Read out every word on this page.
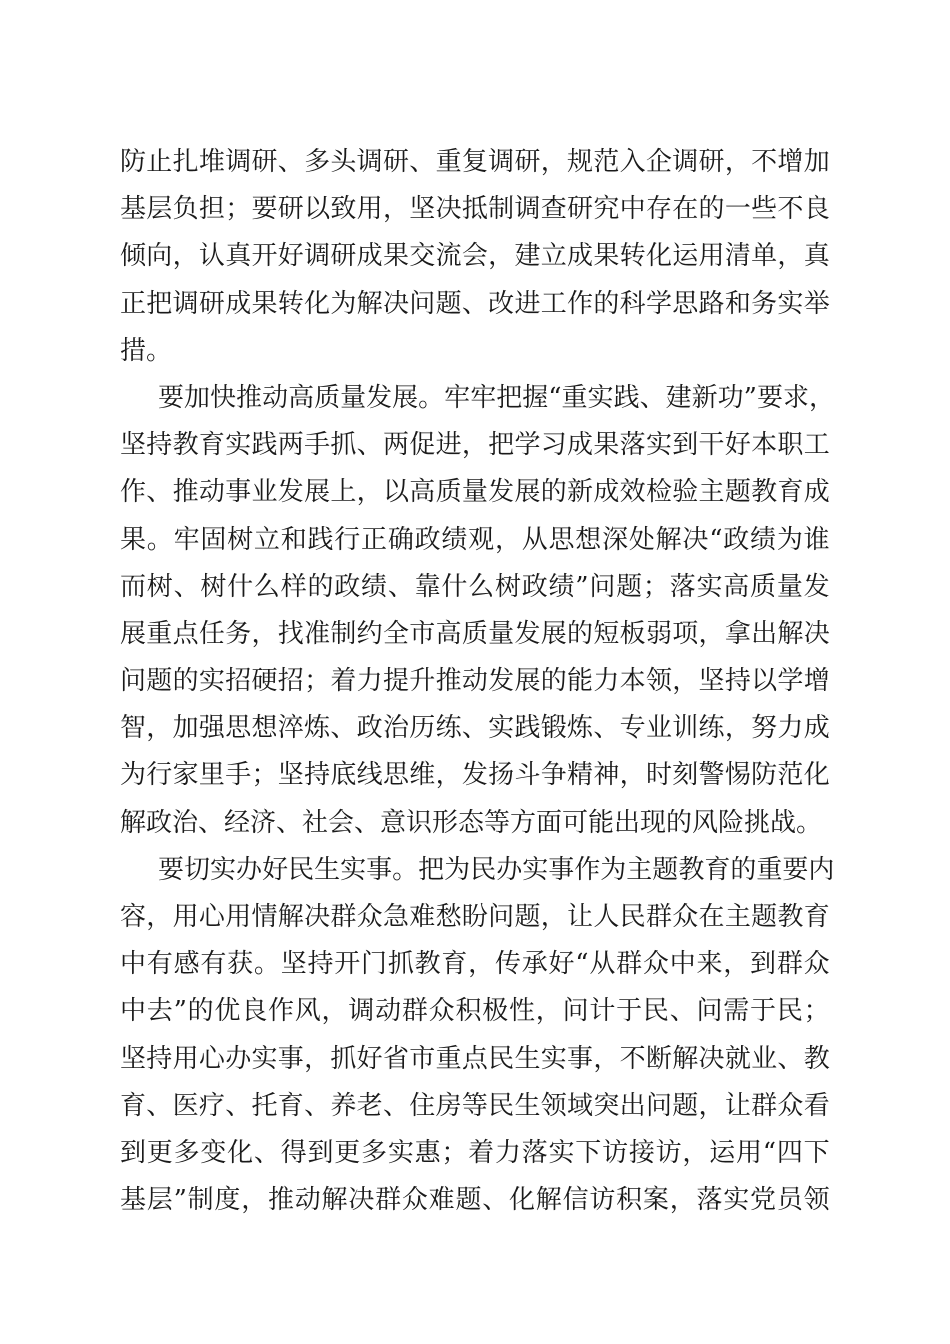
防 止 扎 堆 调 研 、 多 头 调 研 、 重 复 调 研 ， 规 范 入 企 调 研 ， 不 增 加
基 层 负 担 ； 要 研 以 致 用 ， 坚 决 抵 制 调 查 研 究 中 存 在 的 一 些 不 良
倾 向 ， 认 真 开 好 调 研 成 果 交 流 会 ， 建 立 成 果 转 化 运 用 清 单 ， 真
正 把 调 研 成 果 转 化 为 解 决 问 题 、 改 进 工 作 的 科 学 思 路 和 务 实 举
措。
要 加 快 推 动 高 质 量 发 展 。 牢 牢 把 握 “ 重 实 践 、 建 新 功 ” 要 求 ，
坚 持 教 育 实 践 两 手 抓 、 两 促 进 ， 把 学 习 成 果 落 实 到 干 好 本 职 工
作 、 推 动 事 业 发 展 上 ， 以 高 质 量 发 展 的 新 成 效 检 验 主 题 教 育 成
果 。 牢 固 树 立 和 践 行 正 确 政 绩 观 ， 从 思 想 深 处 解 决 “ 政 绩 为 谁
而 树 、 树 什 么 样 的 政 绩 、 靠 什 么 树 政 绩 ” 问 题 ； 落 实 高 质 量 发
展 重 点 任 务 ， 找 准 制 约 全 市 高 质 量 发 展 的 短 板 弱 项 ， 拿 出 解 决
问 题 的 实 招 硬 招 ； 着 力 提 升 推 动 发 展 的 能 力 本 领 ， 坚 持 以 学 增
智 ， 加 强 思 想 淬 炼 、 政 治 历 练 、 实 践 锻 炼 、 专 业 训 练 ， 努 力 成
为 行 家 里 手 ； 坚 持 底 线 思 维 ， 发 扬 斗 争 精 神 ， 时 刻 警 惕 防 范 化
解政治、经济、社会、意识形态等方面可能出现的风险挑战。
要 切 实 办 好 民 生 实 事 。 把 为 民 办 实 事 作 为 主 题 教 育 的 重 要 内
容 ， 用 心 用 情 解 决 群 众 急 难 愁 盼 问 题 ， 让 人 民 群 众 在 主 题 教 育
中 有 感 有 获 。 坚 持 开 门 抓 教 育 ， 传 承 好 “ 从 群 众 中 来 ， 到 群 众
中 去 ” 的 优 良 作 风 ， 调 动 群 众 积 极 性 ， 问 计 于 民 、 问 需 于 民 ；
坚 持 用 心 办 实 事 ， 抓 好 省 市 重 点 民 生 实 事 ， 不 断 解 决 就 业 、 教
育 、 医 疗 、 托 育 、 养 老 、 住 房 等 民 生 领 域 突 出 问 题 ， 让 群 众 看
到 更 多 变 化 、 得 到 更 多 实 惠 ； 着 力 落 实 下 访 接 访 ， 运 用 “ 四 下
基 层 ” 制 度 ， 推 动 解 决 群 众 难 题 、 化 解 信 访 积 案 ， 落 实 党 员 领
